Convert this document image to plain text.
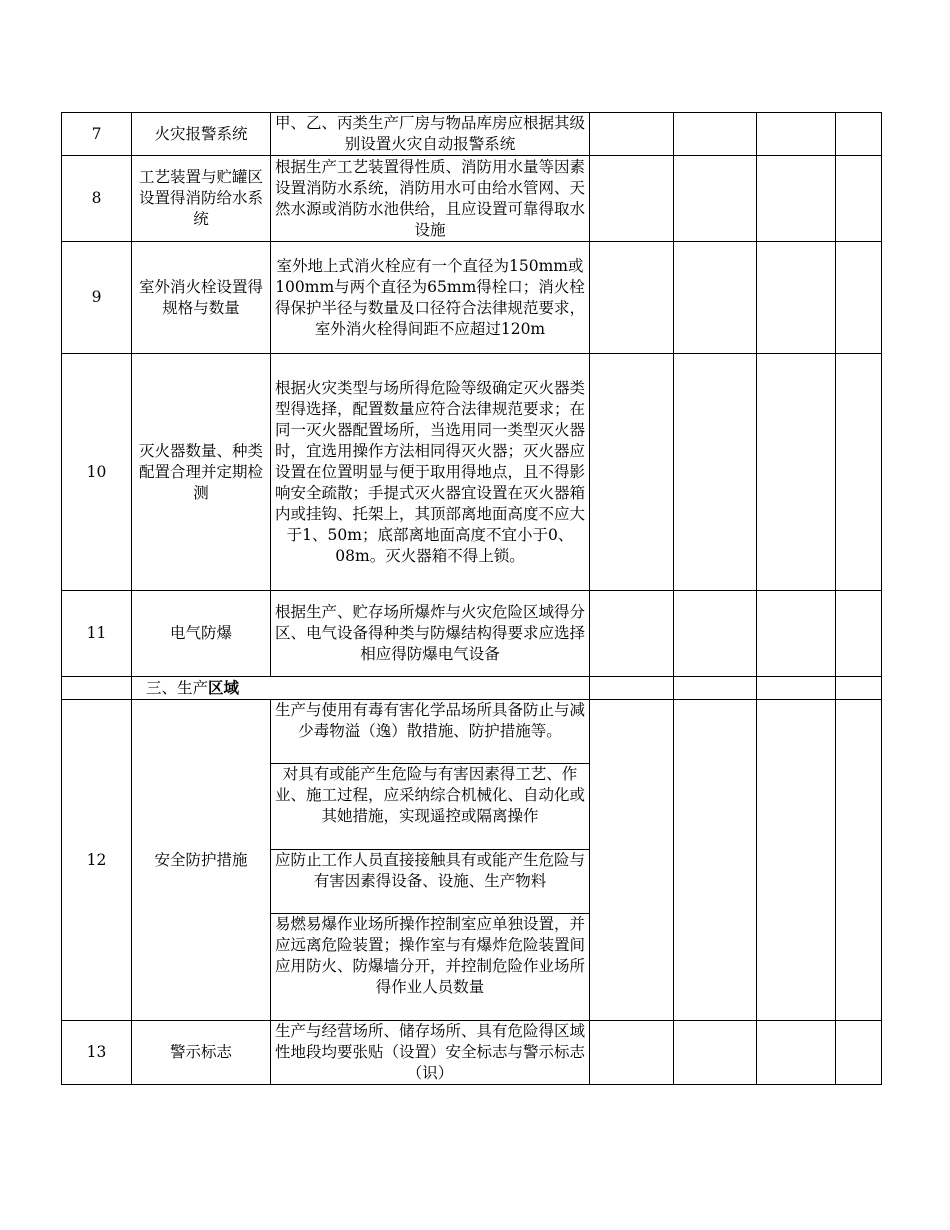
7	火灾报警系统	甲、乙、丙类生产厂房与物品库房应根据其级别设置火灾自动报警系统				
8	工艺装置与贮罐区设置得消防给水系统	根据生产工艺装置得性质、消防用水量等因素设置消防水系统，消防用水可由给水管网、天然水源或消防水池供给，且应设置可靠得取水设施				
9	室外消火栓设置得规格与数量	室外地上式消火栓应有一个直径为150mm或100mm与两个直径为65mm得栓口；消火栓得保护半径与数量及口径符合法律规范要求，室外消火栓得间距不应超过120m				
10	灭火器数量、种类配置合理并定期检测	根据火灾类型与场所得危险等级确定灭火器类型得选择，配置数量应符合法律规范要求；在同一灭火器配置场所，当选用同一类型灭火器时，宜选用操作方法相同得灭火器；灭火器应设置在位置明显与便于取用得地点，且不得影响安全疏散；手提式灭火器宜设置在灭火器箱内或挂钩、托架上，其顶部离地面高度不应大于1、50m；底部离地面高度不宜小于0、08m。灭火器箱不得上锁。				
11	电气防爆	根据生产、贮存场所爆炸与火灾危险区域得分区、电气设备得种类与防爆结构得要求应选择相应得防爆电气设备				
	三、生产区域					
12	安全防护措施	生产与使用有毒有害化学品场所具备防止与减少毒物溢（逸）散措施、防护措施等。				
		对具有或能产生危险与有害因素得工艺、作业、施工过程，应采纳综合机械化、自动化或其她措施，实现遥控或隔离操作				
		应防止工作人员直接接触具有或能产生危险与有害因素得设备、设施、生产物料				
		易燃易爆作业场所操作控制室应单独设置，并应远离危险装置；操作室与有爆炸危险装置间应用防火、防爆墙分开，并控制危险作业场所得作业人员数量				
13	警示标志	生产与经营场所、储存场所、具有危险得区域性地段均要张贴（设置）安全标志与警示标志（识）				
